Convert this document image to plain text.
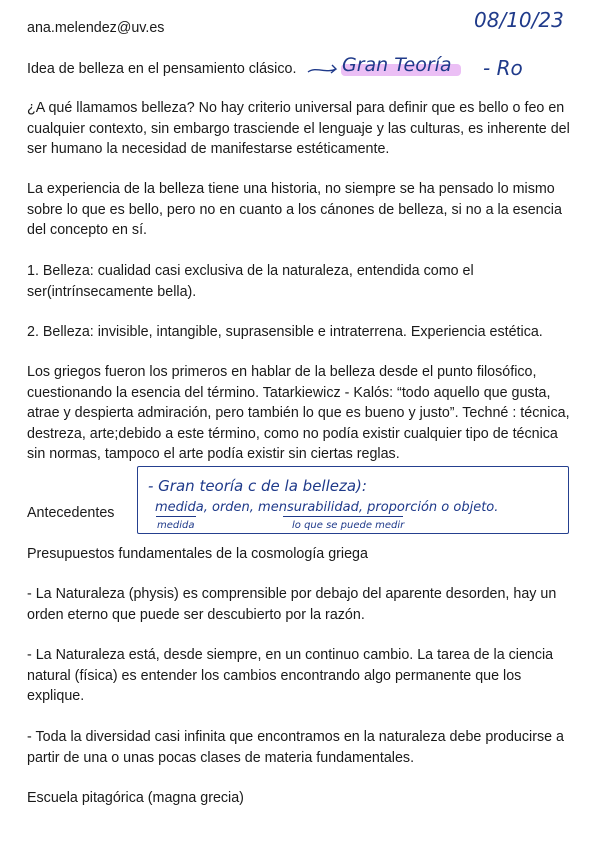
ana.melendez@uv.es

Idea de belleza en el pensamiento clásico.

¿A qué llamamos belleza? No hay criterio universal para definir que es bello o feo en cualquier contexto, sin embargo trasciende el lenguaje y las culturas, es inherente del ser humano la necesidad de manifestarse estéticamente.

La experiencia de la belleza tiene una historia, no siempre se ha pensado lo mismo sobre lo que es bello, pero no en cuanto a los cánones de belleza, si no a la esencia del concepto en sí.

1. Belleza: cualidad casi exclusiva de la naturaleza, entendida como el ser(intrínsecamente bella).

2. Belleza: invisible, intangible, suprasensible e intraterrena. Experiencia estética.

Los griegos fueron los primeros en hablar de la belleza desde el punto filosófico, cuestionando la esencia del término. Tatarkiewicz - Kalós: “todo aquello que gusta, atrae y despierta admiración, pero también lo que es bueno y justo”. Techné : técnica, destreza, arte;debido a este término, como no podía existir cualquier tipo de técnica sin normas, tampoco el arte podía existir sin ciertas reglas.

Antecedentes

Presupuestos fundamentales de la cosmología griega

- La Naturaleza (physis) es comprensible por debajo del aparente desorden, hay un orden eterno que puede ser descubierto por la razón.

- La Naturaleza está, desde siempre, en un continuo cambio. La tarea de la ciencia natural (física) es entender los cambios encontrando algo permanente que los explique.

- Toda la diversidad casi infinita que encontramos en la naturaleza debe producirse a partir de una o unas pocas clases de materia fundamentales.

Escuela pitagórica (magna grecia)

08/10/23
Gran Teoría - Ro
- Gran teoría c de la belleza):
medida, orden, mensurabilidad, proporción o objeto.
medida	lo que se puede medir
